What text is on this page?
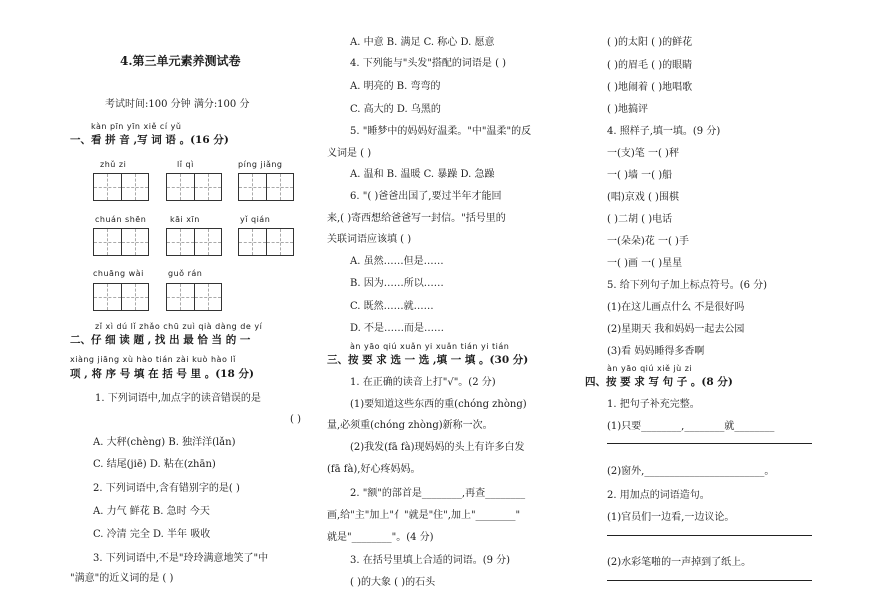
4.第三单元素养测试卷
考试时间:100 分钟 满分:100 分
kàn pīn yīn xiě cí yǔ
一、看 拼 音 ,写 词 语 。(16 分)
zhǔ zi	lǐ qì	píng jiǎng
chuán shēn	kāi xīn	yǐ qián
chuāng wài	guǒ rán
zǐ xì dú lǐ zhǎo chū zuì qià dàng de yí
二、仔 细 读 题 , 找 出 最 恰 当 的 一
xiàng jiāng xù hào tián zài kuò hào lǐ
项 , 将 序 号 填 在 括 号 里 。(18 分)
1. 下列词语中,加点字的读音错误的是
( )
A. 大秤(chèng) B. 独洋洋(lǎn)
C. 结尾(jiē) D. 粘在(zhān)
2. 下列词语中,含有错别字的是( )
A. 力气 鲜花 B. 急时 今天
C. 冷清 完全 D. 半年 吸收
3. 下列词语中,不是"玲玲满意地笑了"中
"满意"的近义词的是 ( )
A. 中意 B. 满足 C. 称心 D. 愿意
4. 下列能与"头发"搭配的词语是 ( )
A. 明亮的 B. 弯弯的
C. 高大的 D. 乌黑的
5. "睡梦中的妈妈好温柔。"中"温柔"的反
义词是 ( )
A. 温和 B. 温暖 C. 暴躁 D. 急躁
6. "( )爸爸出国了,要过半年才能回
来,( )寄西想给爸爸写一封信。"括号里的
关联词语应该填 ( )
A. 虽然……但是……
B. 因为……所以……
C. 既然……就……
D. 不是……而是……
àn yāo qiú xuǎn yi xuǎn tián yi tián
三、按 要 求 选 一 选 ,填 一 填 。(30 分)
1. 在正确的读音上打"√"。(2 分)
(1)要知道这些东西的重(chóng zhòng)
量,必须重(chóng zhòng)新称一次。
(2)我发(fā fà)现妈妈的头上有许多白发
(fā fà),好心疼妈妈。
2. "额"的部首是________,再查________
画,给"主"加上"亻"就是"住",加上"________"
就是"________"。(4 分)
3. 在括号里填上合适的词语。(9 分)
( )的大象 ( )的石头
( )的太阳 ( )的鲜花
( )的眉毛 ( )的眼睛
( )地闹着 ( )地唱歌
( )地搞评
4. 照样子,填一填。(9 分)
一(支)笔 一( )秤
一( )墙 一( )船
(唱)京戏 ( )围棋
( )二胡 ( )电话
一(朵朵)花 一( )手
一( )画 一( )星星
5. 给下列句子加上标点符号。(6 分)
(1)在这儿画点什么 不是很好吗
(2)星期天 我和妈妈一起去公园
(3)看 妈妈睡得多香啊
àn yāo qiú xiě jù zi
四、按 要 求 写 句 子 。(8 分)
1. 把句子补充完整。
(1)只要________,________就________
(2)窗外,________________________。
2. 用加点的词语造句。
(1)官员们一边看,一边议论。
(2)水彩笔啪的一声掉到了纸上。
